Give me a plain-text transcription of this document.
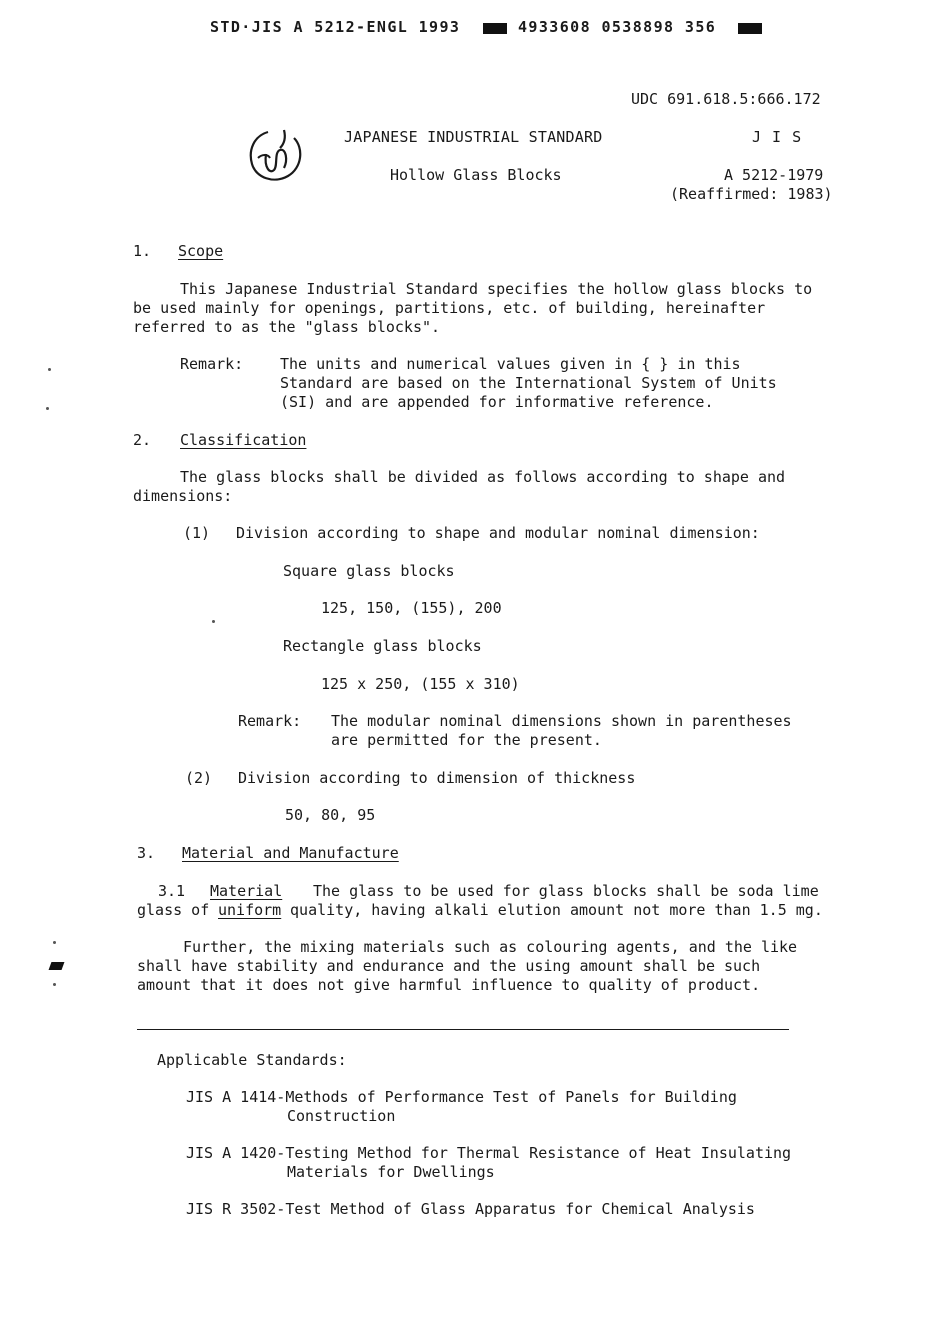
STD·JIS A 5212-ENGL 1993	4933608 0538898 356
UDC 691.618.5:666.172
JAPANESE INDUSTRIAL STANDARD	J I S
Hollow Glass Blocks	A 5212-1979
(Reaffirmed: 1983)
1. Scope
This Japanese Industrial Standard specifies the hollow glass blocks to
be used mainly for openings, partitions, etc. of building, hereinafter
referred to as the "glass blocks".
Remark: The units and numerical values given in { } in this
Standard are based on the International System of Units
(SI) and are appended for informative reference.
2. Classification
The glass blocks shall be divided as follows according to shape and
dimensions:
(1) Division according to shape and modular nominal dimension:
Square glass blocks
125, 150, (155), 200
Rectangle glass blocks
125 x 250, (155 x 310)
Remark: The modular nominal dimensions shown in parentheses
are permitted for the present.
(2) Division according to dimension of thickness
50, 80, 95
3. Material and Manufacture
3.1 Material The glass to be used for glass blocks shall be soda lime
glass of uniform quality, having alkali elution amount not more than 1.5 mg.
Further, the mixing materials such as colouring agents, and the like
shall have stability and endurance and the using amount shall be such
amount that it does not give harmful influence to quality of product.
Applicable Standards:
JIS A 1414-Methods of Performance Test of Panels for Building
Construction
JIS A 1420-Testing Method for Thermal Resistance of Heat Insulating
Materials for Dwellings
JIS R 3502-Test Method of Glass Apparatus for Chemical Analysis
